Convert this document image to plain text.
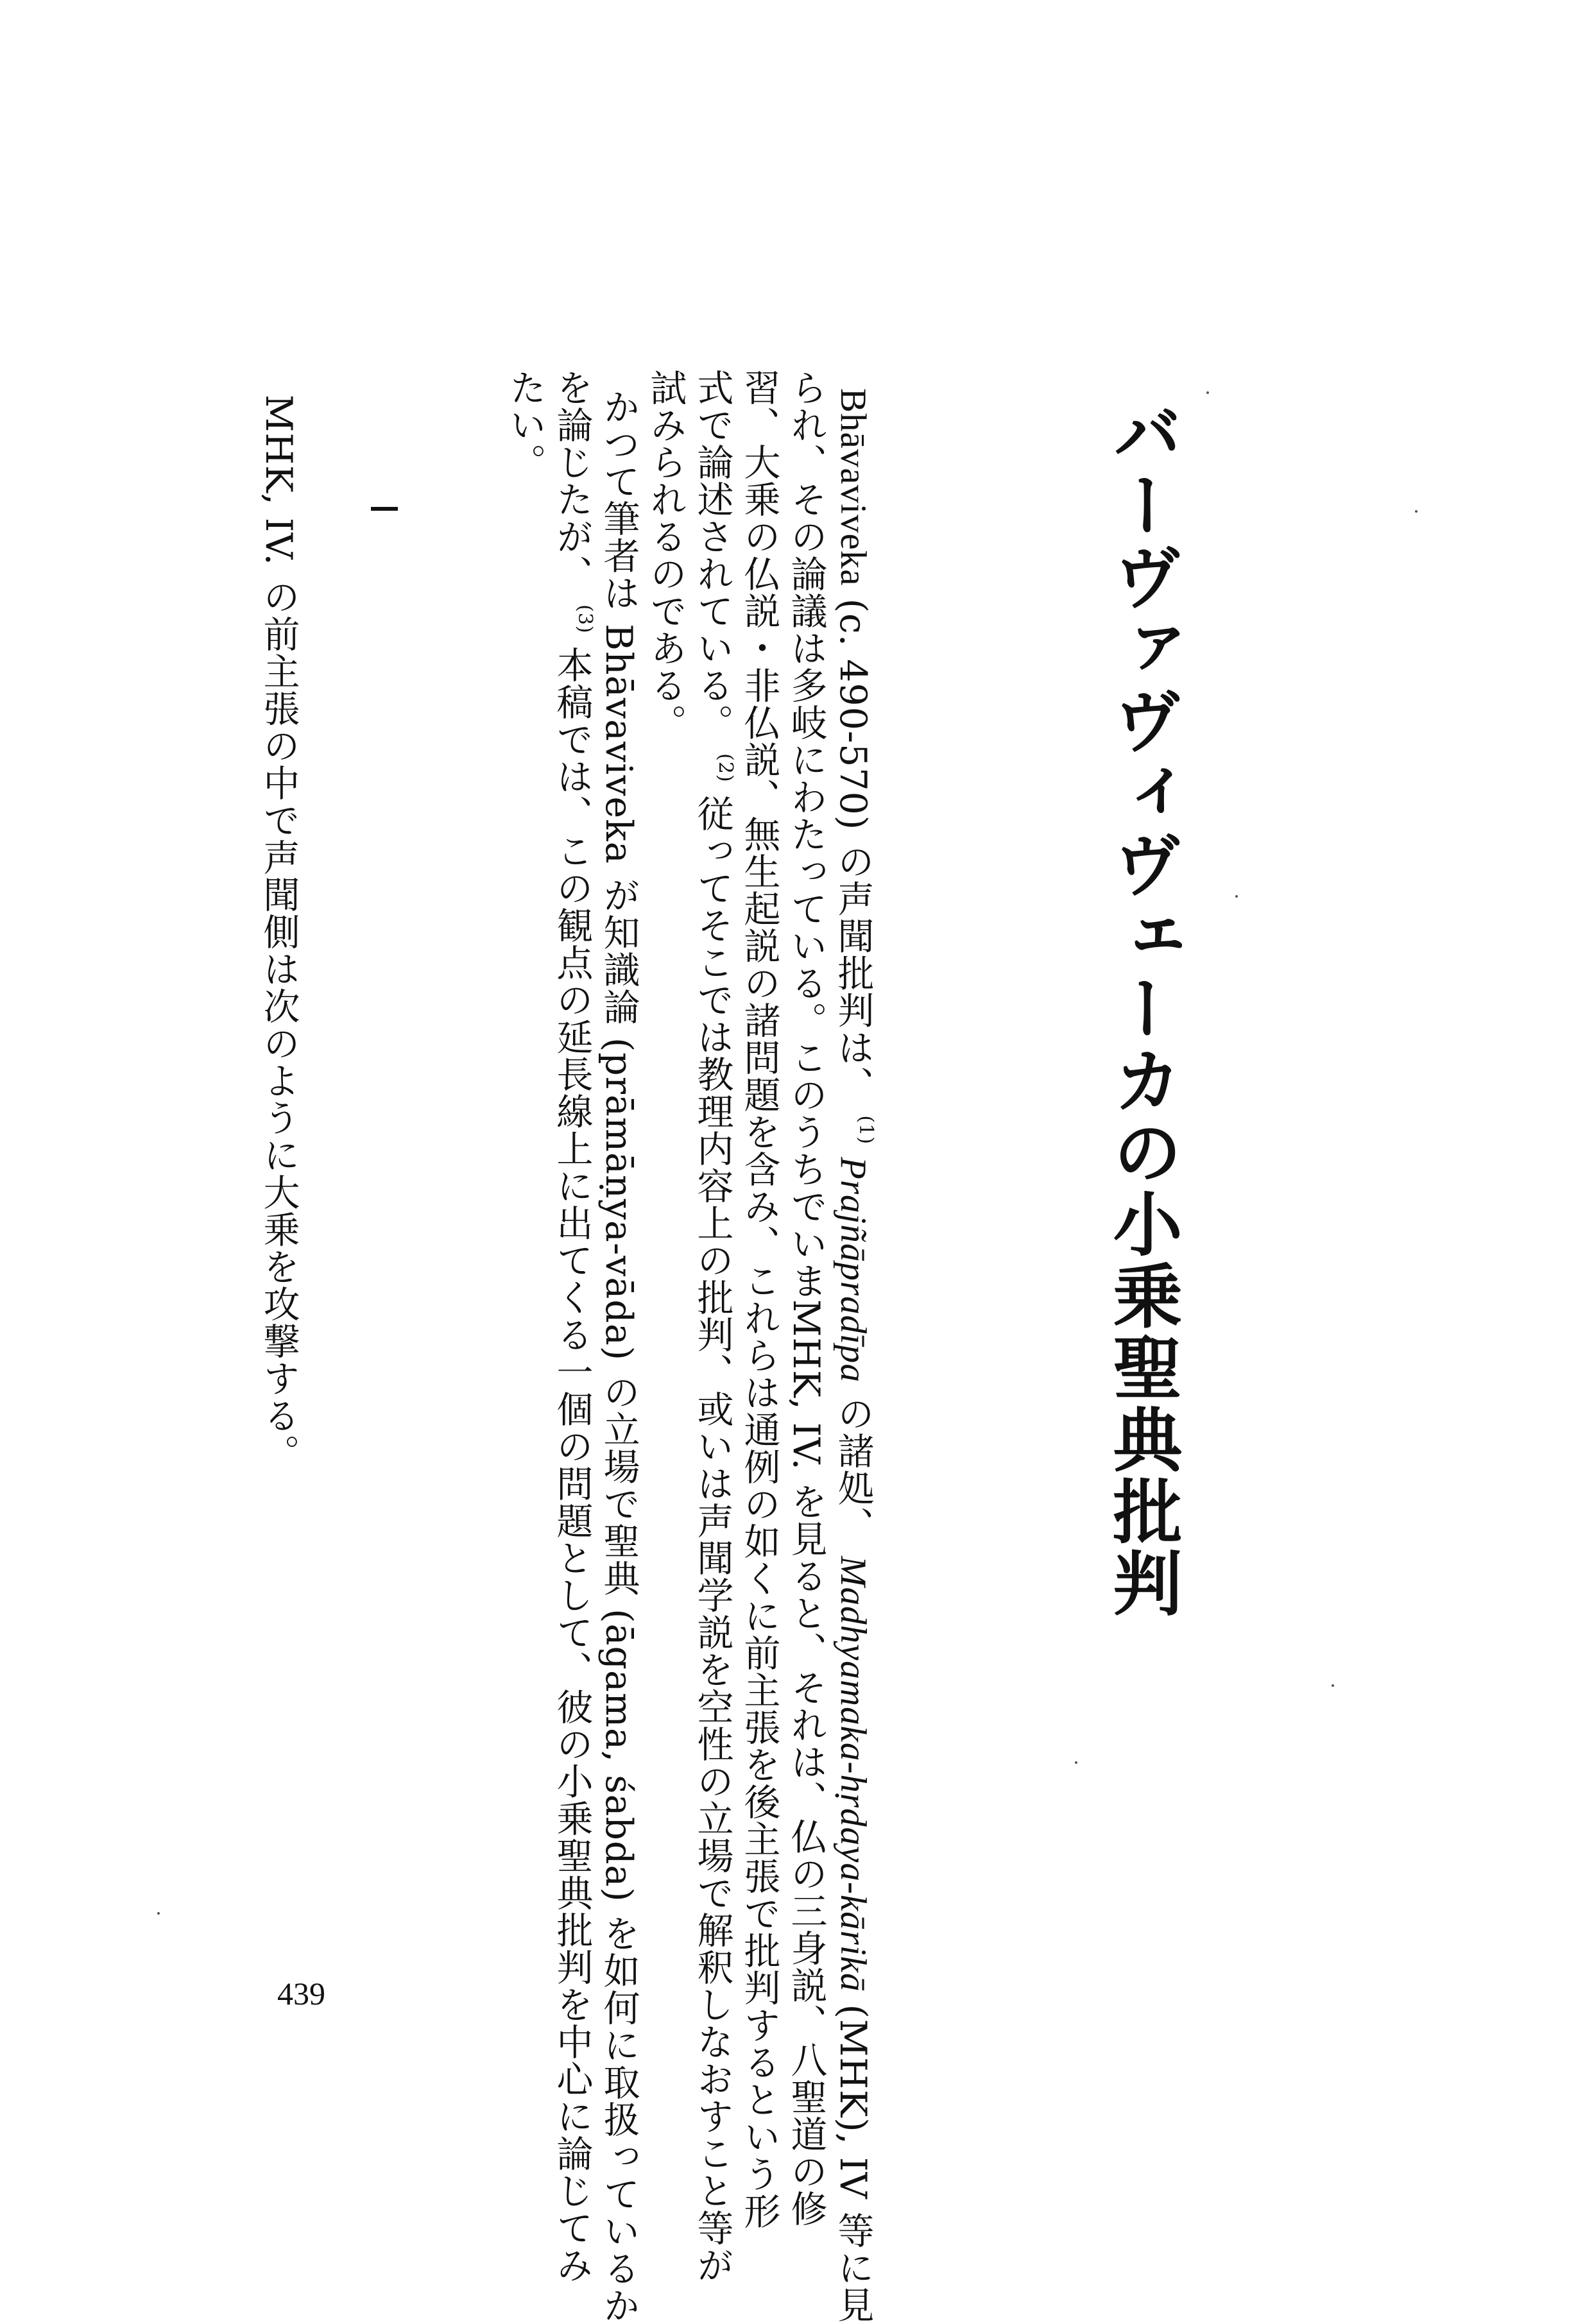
バーヴァヴィヴェーカの小乗聖典批判
Bhāvaviveka (c. 490-570) の声聞批判は、 $^{(1)}$ Prajñāpradīpa の諸処、 Madhyamaka-hṛdaya-kārikā (MHK), IV 等に見
られ、その論議は多岐にわたっている。このうちでいまMHK, IV. を見ると、それは、仏の三身説、八聖道の修
習、大乗の仏説・非仏説、無生起説の諸問題を含み、これらは通例の如くに前主張を後主張で批判するという形
式で論述されている。 $^{(2)}$ 従ってそこでは教理内容上の批判、或いは声聞学説を空性の立場で解釈しなおすこと等が
試みられるのである。
かつて筆者は Bhāvaviveka が知識論 (prāmāṇya-vāda) の立場で聖典 (āgama, śabda) を如何に取扱っているか
を論じたが、 $^{(3)}$ 本稿では、この観点の延長線上に出てくる一個の問題として、彼の小乗聖典批判を中心に論じてみ
たい。
MHK, IV. の前主張の中で声聞側は次のように大乗を攻撃する。
439
